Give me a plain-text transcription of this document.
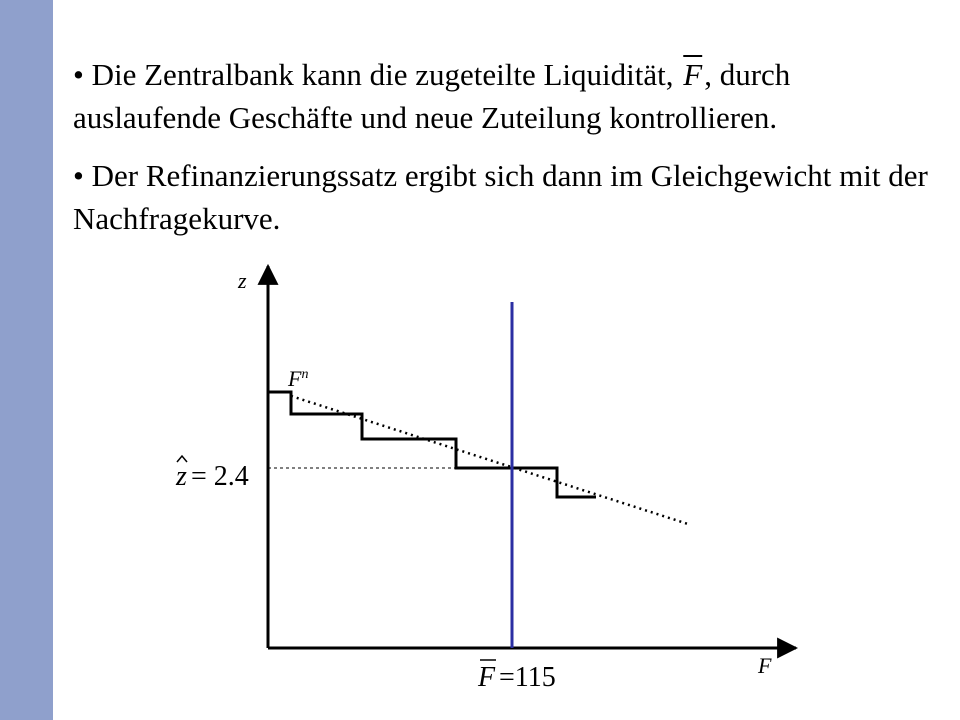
• Die Zentralbank kann die zugeteilte Liquidität, $\overline{F}$, durch auslaufende Geschäfte und neue Zuteilung kontrollieren.
• Der Refinanzierungssatz ergibt sich dann im Gleichgewicht mit der Nachfragekurve.
z
F
$F^n$
z = 2.4
F =115
